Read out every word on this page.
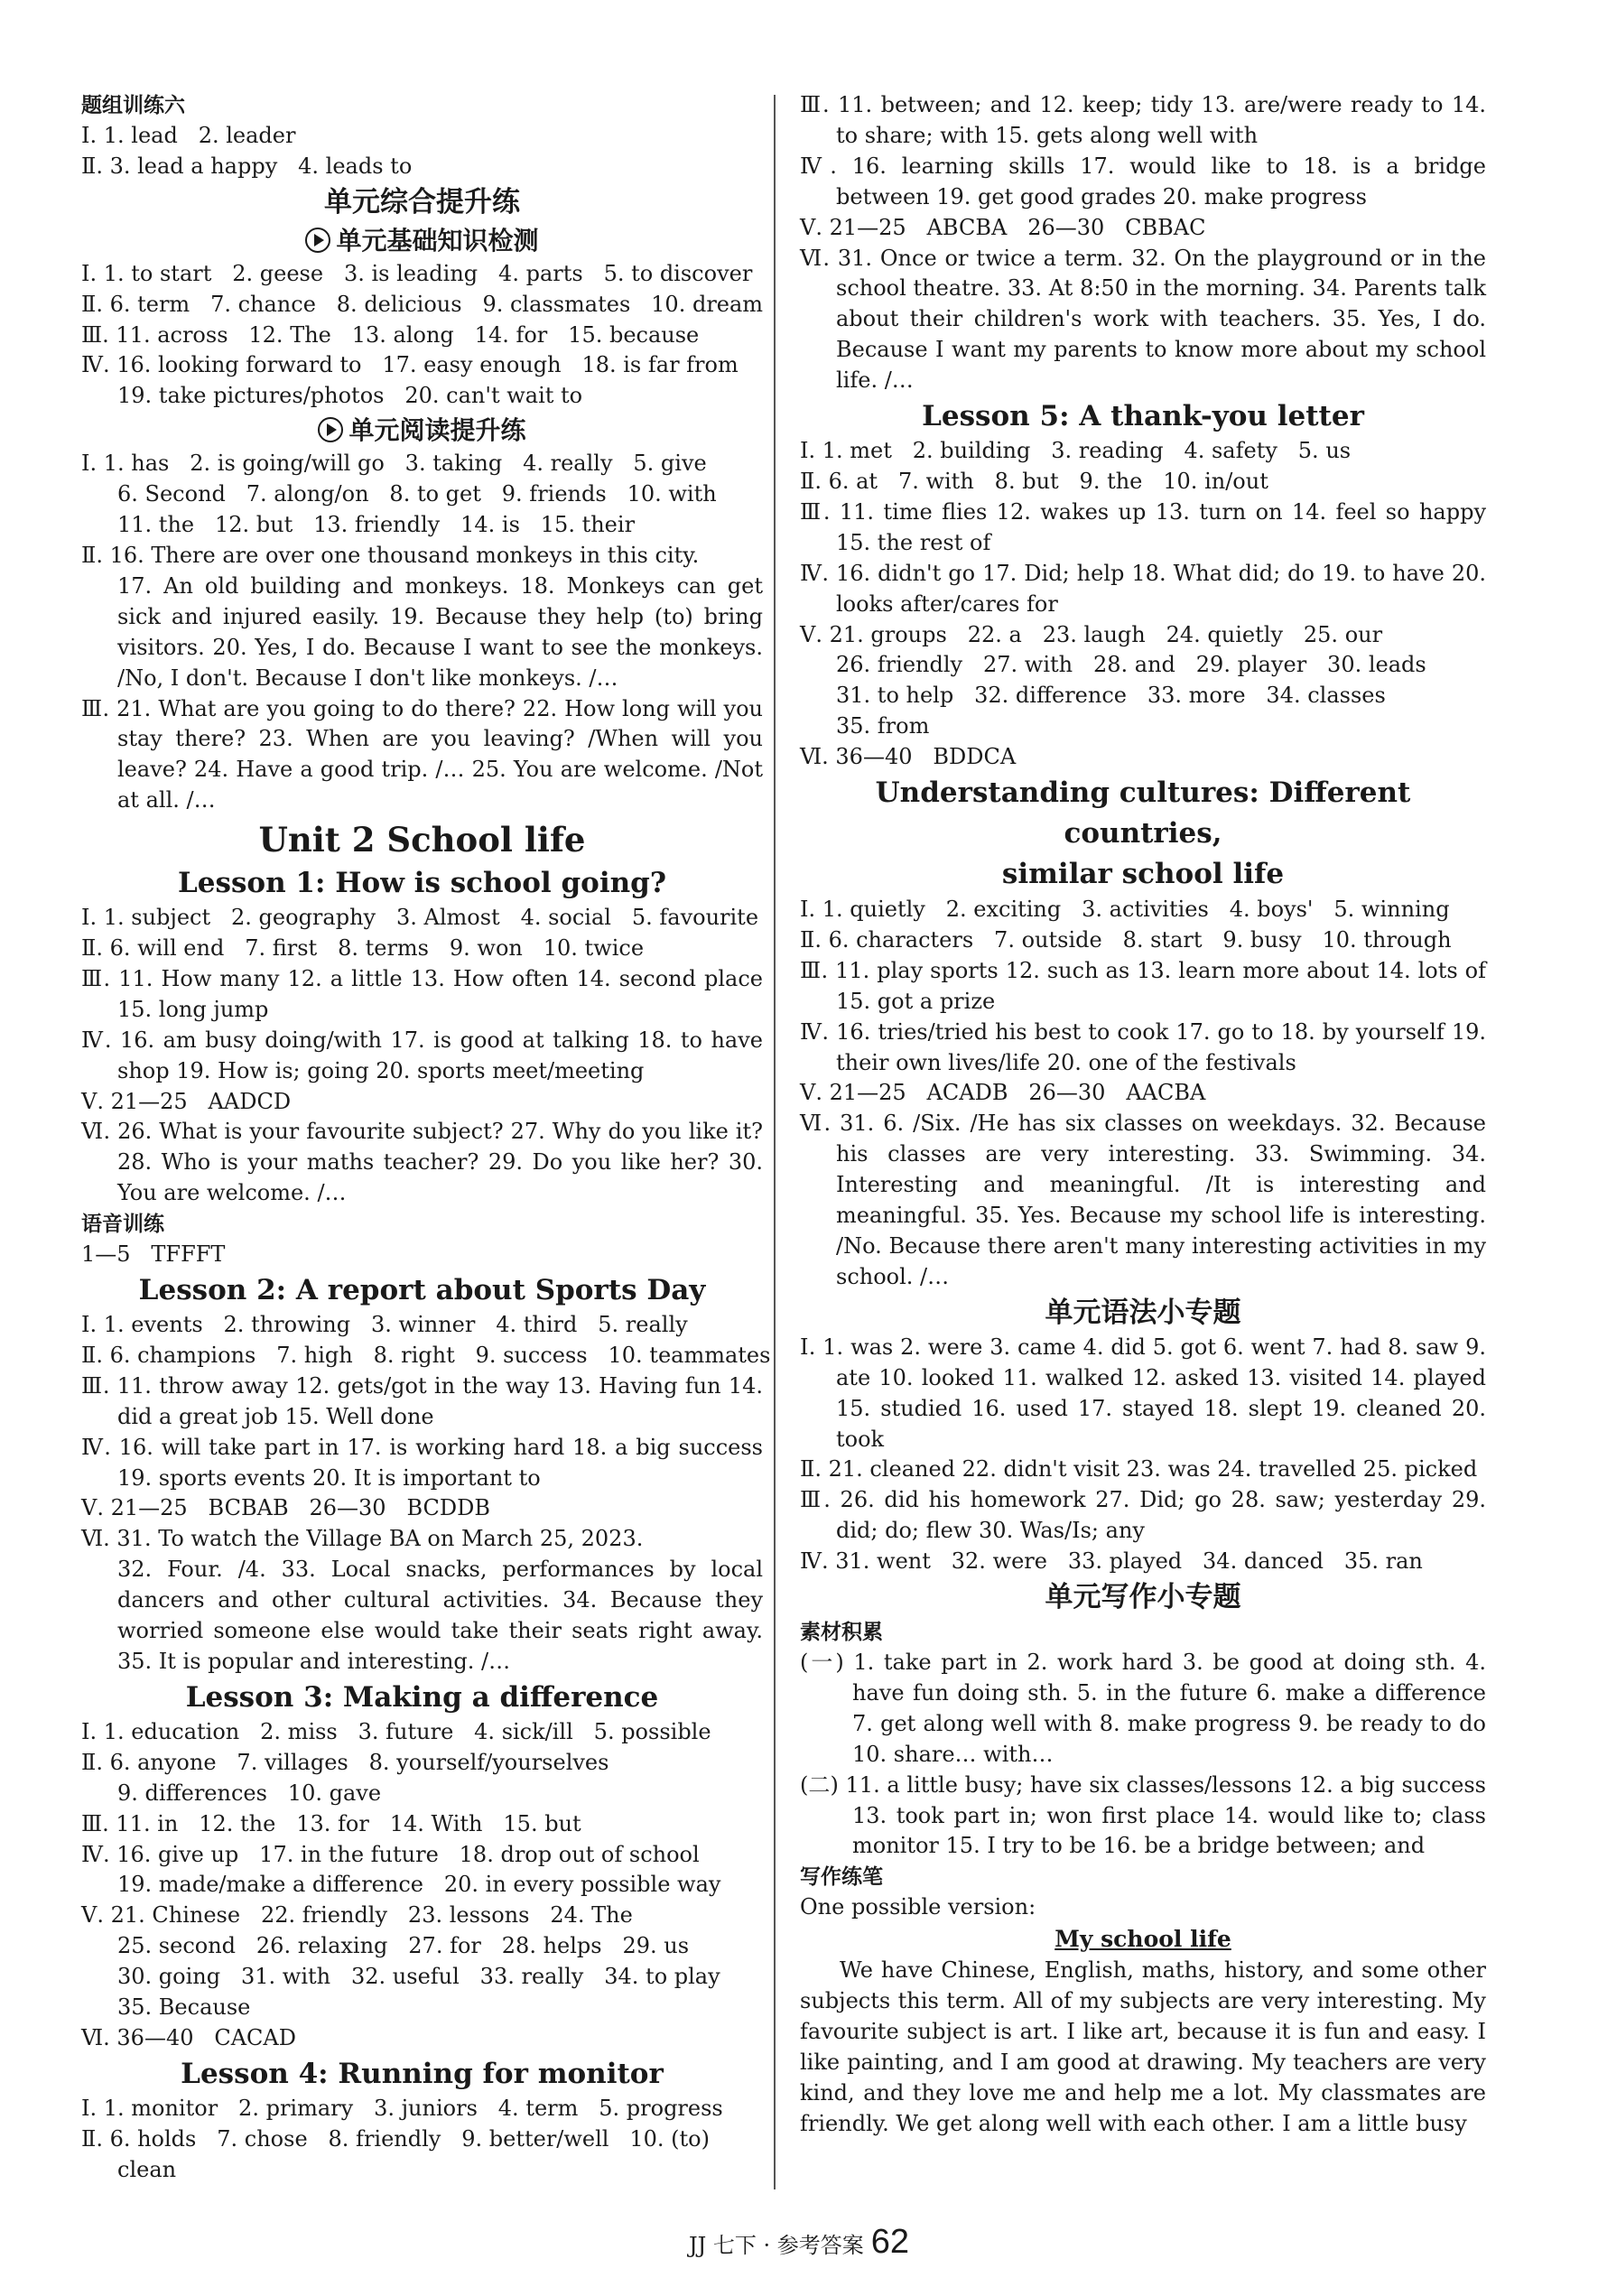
题组训练六
Ⅰ. 1. lead   2. leader
Ⅱ. 3. lead a happy   4. leads to
单元综合提升练
单元基础知识检测
Ⅰ. 1. to start   2. geese   3. is leading   4. parts   5. to discover
Ⅱ. 6. term   7. chance   8. delicious   9. classmates   10. dream
Ⅲ. 11. across   12. The   13. along   14. for   15. because
Ⅳ. 16. looking forward to   17. easy enough   18. is far from
19. take pictures/photos   20. can't wait to
单元阅读提升练
Ⅰ. 1. has   2. is going/will go   3. taking   4. really   5. give
6. Second   7. along/on   8. to get   9. friends   10. with
11. the   12. but   13. friendly   14. is   15. their
Ⅱ. 16. There are over one thousand monkeys in this city.
17. An old building and monkeys. 18. Monkeys can get sick and injured easily. 19. Because they help (to) bring visitors. 20. Yes, I do. Because I want to see the monkeys. /No, I don't. Because I don't like monkeys. /…
Ⅲ. 21. What are you going to do there? 22. How long will you stay there? 23. When are you leaving? /When will you leave? 24. Have a good trip. /… 25. You are welcome. /Not at all. /…
Unit 2 School life
Lesson 1: How is school going?
Ⅰ. 1. subject   2. geography   3. Almost   4. social   5. favourite
Ⅱ. 6. will end   7. first   8. terms   9. won   10. twice
Ⅲ. 11. How many 12. a little 13. How often 14. second place 15. long jump
Ⅳ. 16. am busy doing/with 17. is good at talking 18. to have shop 19. How is; going 20. sports meet/meeting
Ⅴ. 21—25   AADCD
Ⅵ. 26. What is your favourite subject? 27. Why do you like it? 28. Who is your maths teacher? 29. Do you like her? 30. You are welcome. /…
语音训练
1—5   TFFFT
Lesson 2: A report about Sports Day
Ⅰ. 1. events   2. throwing   3. winner   4. third   5. really
Ⅱ. 6. champions   7. high   8. right   9. success   10. teammates
Ⅲ. 11. throw away 12. gets/got in the way 13. Having fun 14. did a great job 15. Well done
Ⅳ. 16. will take part in 17. is working hard 18. a big success 19. sports events 20. It is important to
Ⅴ. 21—25   BCBAB   26—30   BCDDB
Ⅵ. 31. To watch the Village BA on March 25, 2023.
32. Four. /4. 33. Local snacks, performances by local dancers and other cultural activities. 34. Because they worried someone else would take their seats right away. 35. It is popular and interesting. /…
Lesson 3: Making a difference
Ⅰ. 1. education   2. miss   3. future   4. sick/ill   5. possible
Ⅱ. 6. anyone   7. villages   8. yourself/yourselves
9. differences   10. gave
Ⅲ. 11. in   12. the   13. for   14. With   15. but
Ⅳ. 16. give up   17. in the future   18. drop out of school
19. made/make a difference   20. in every possible way
Ⅴ. 21. Chinese   22. friendly   23. lessons   24. The
25. second   26. relaxing   27. for   28. helps   29. us
30. going   31. with   32. useful   33. really   34. to play
35. Because
Ⅵ. 36—40   CACAD
Lesson 4: Running for monitor
Ⅰ. 1. monitor   2. primary   3. juniors   4. term   5. progress
Ⅱ. 6. holds   7. chose   8. friendly   9. better/well   10. (to)
clean
Ⅲ. 11. between; and 12. keep; tidy 13. are/were ready to 14. to share; with 15. gets along well with
Ⅳ. 16. learning skills 17. would like to 18. is a bridge between 19. get good grades 20. make progress
Ⅴ. 21—25   ABCBA   26—30   CBBAC
Ⅵ. 31. Once or twice a term. 32. On the playground or in the school theatre. 33. At 8:50 in the morning. 34. Parents talk about their children's work with teachers. 35. Yes, I do. Because I want my parents to know more about my school life. /…
Lesson 5: A thank-you letter
Ⅰ. 1. met   2. building   3. reading   4. safety   5. us
Ⅱ. 6. at   7. with   8. but   9. the   10. in/out
Ⅲ. 11. time flies 12. wakes up 13. turn on 14. feel so happy 15. the rest of
Ⅳ. 16. didn't go 17. Did; help 18. What did; do 19. to have 20. looks after/cares for
Ⅴ. 21. groups   22. a   23. laugh   24. quietly   25. our
26. friendly   27. with   28. and   29. player   30. leads
31. to help   32. difference   33. more   34. classes
35. from
Ⅵ. 36—40   BDDCA
Understanding cultures: Different countries,
similar school life
Ⅰ. 1. quietly   2. exciting   3. activities   4. boys'   5. winning
Ⅱ. 6. characters   7. outside   8. start   9. busy   10. through
Ⅲ. 11. play sports 12. such as 13. learn more about 14. lots of 15. got a prize
Ⅳ. 16. tries/tried his best to cook 17. go to 18. by yourself 19. their own lives/life 20. one of the festivals
Ⅴ. 21—25   ACADB   26—30   AACBA
Ⅵ. 31. 6. /Six. /He has six classes on weekdays. 32. Because his classes are very interesting. 33. Swimming. 34. Interesting and meaningful. /It is interesting and meaningful. 35. Yes. Because my school life is interesting. /No. Because there aren't many interesting activities in my school. /…
单元语法小专题
Ⅰ. 1. was 2. were 3. came 4. did 5. got 6. went 7. had 8. saw 9. ate 10. looked 11. walked 12. asked 13. visited 14. played 15. studied 16. used 17. stayed 18. slept 19. cleaned 20. took
Ⅱ. 21. cleaned 22. didn't visit 23. was 24. travelled 25. picked
Ⅲ. 26. did his homework 27. Did; go 28. saw; yesterday 29. did; do; flew 30. Was/Is; any
Ⅳ. 31. went   32. were   33. played   34. danced   35. ran
单元写作小专题
素材积累
(一) 1. take part in 2. work hard 3. be good at doing sth. 4. have fun doing sth. 5. in the future 6. make a difference 7. get along well with 8. make progress 9. be ready to do 10. share… with…
(二) 11. a little busy; have six classes/lessons 12. a big success 13. took part in; won first place 14. would like to; class monitor 15. I try to be 16. be a bridge between; and
写作练笔
One possible version:
My school life
We have Chinese, English, maths, history, and some other subjects this term. All of my subjects are very interesting. My favourite subject is art. I like art, because it is fun and easy. I like painting, and I am good at drawing. My teachers are very kind, and they love me and help me a lot. My classmates are friendly. We get along well with each other. I am a little busy
JJ 七下 · 参考答案 62
